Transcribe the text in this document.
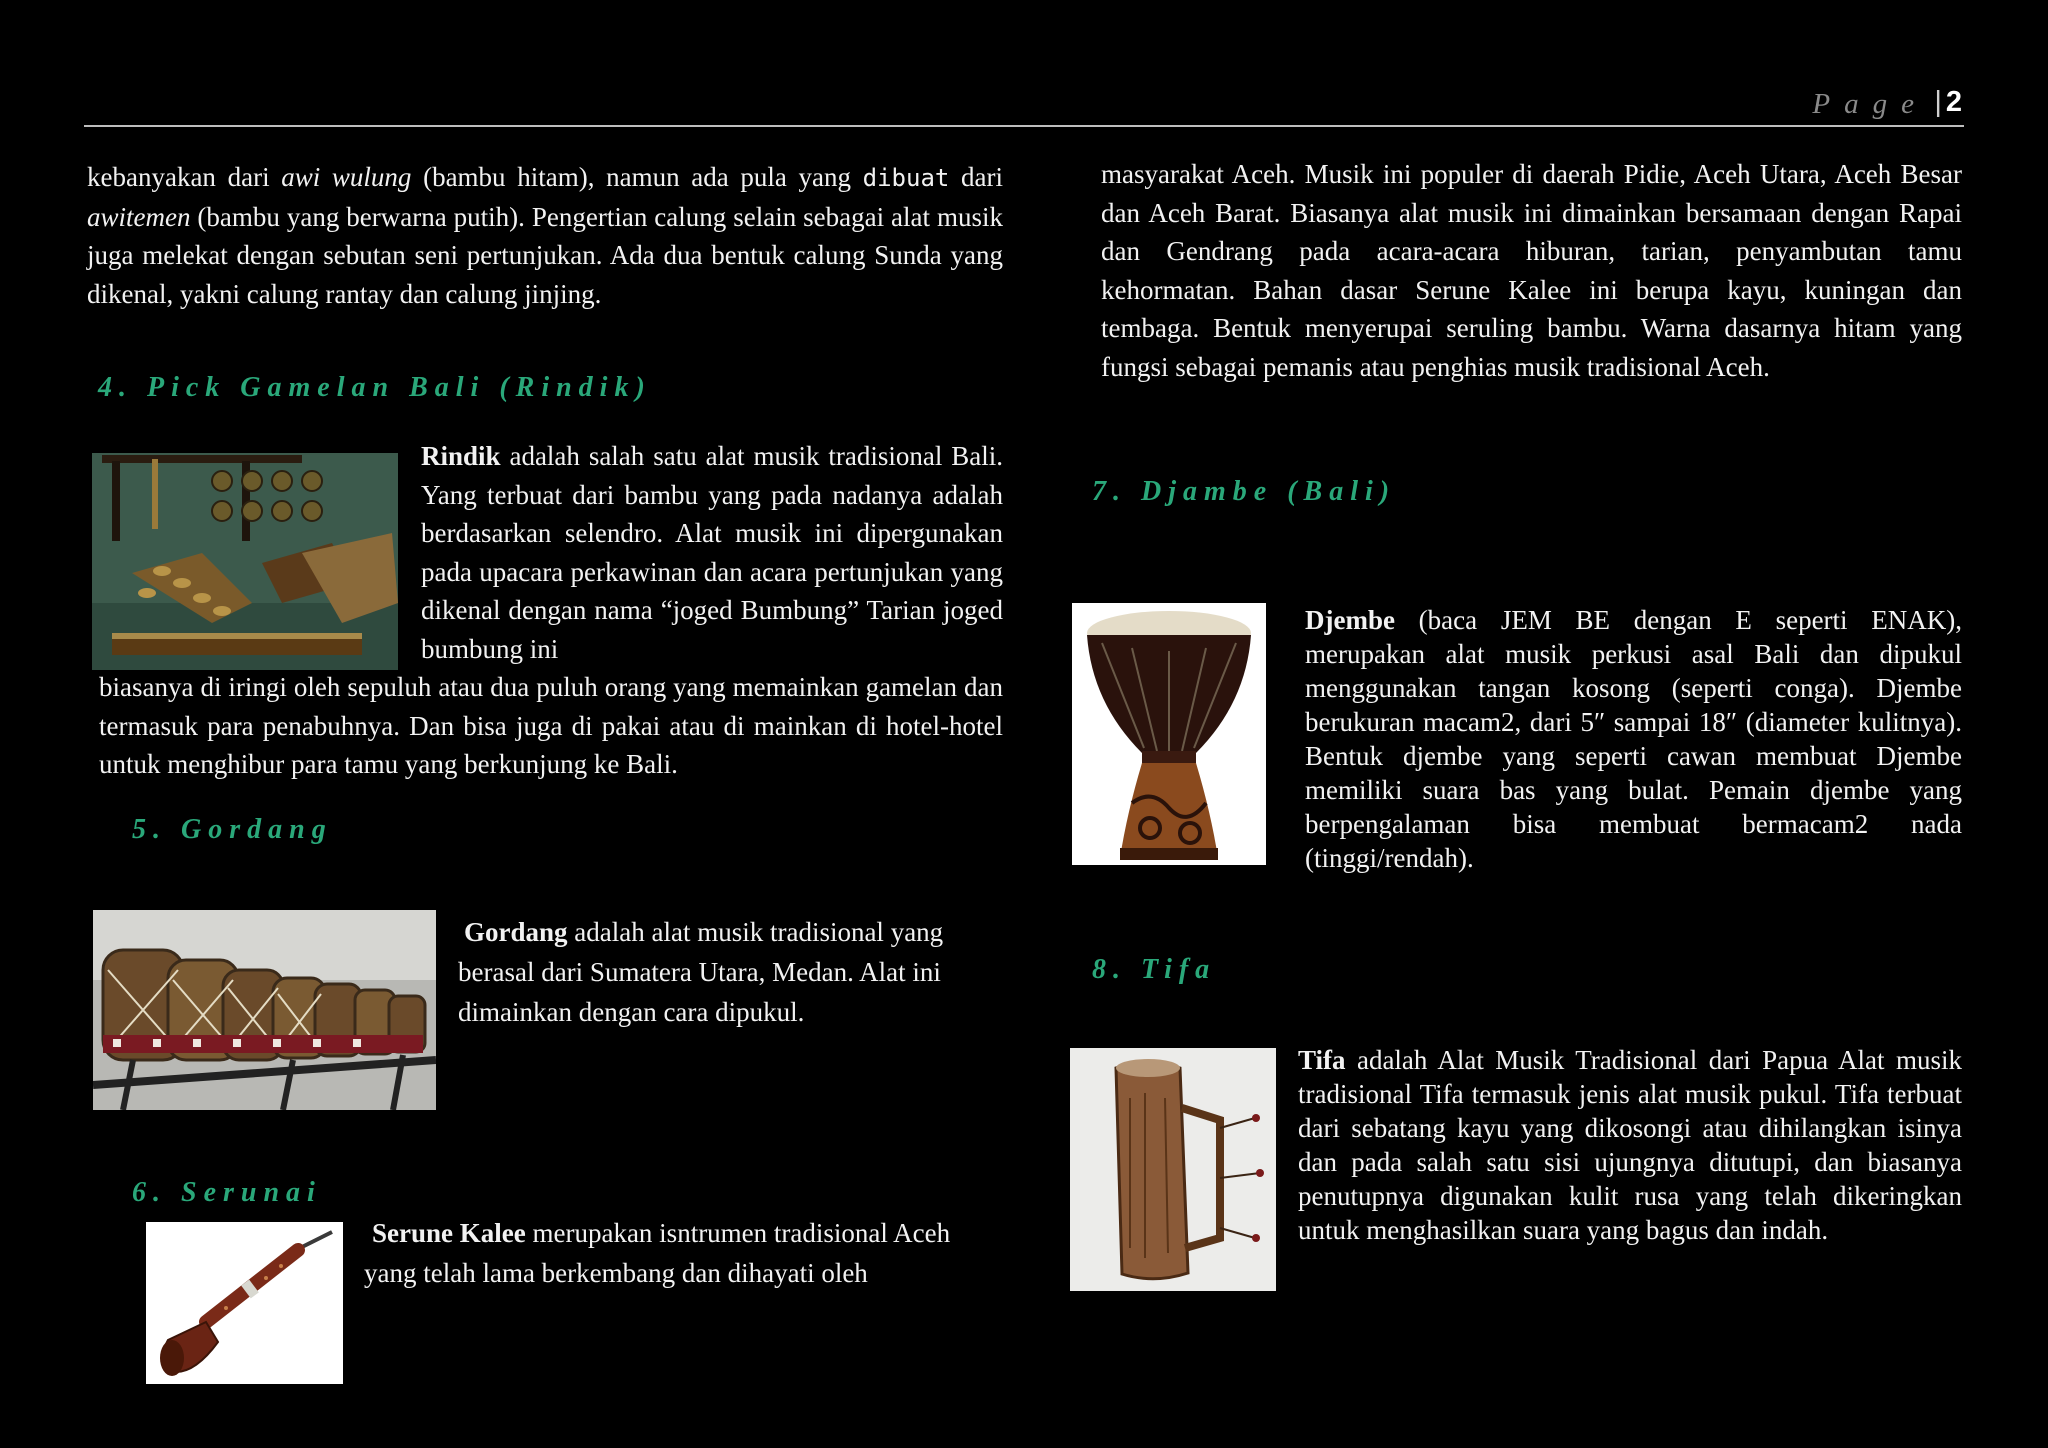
Page
| 2

kebanyakan dari awi wulung (bambu hitam), namun ada pula yang dibuat dari awitemen (bambu yang berwarna putih). Pengertian calung selain sebagai alat musik juga melekat dengan sebutan seni pertunjukan. Ada dua bentuk calung Sunda yang dikenal, yakni calung rantay dan calung jinjing.

4. Pick Gamelan Bali (Rindik)

Rindik adalah salah satu alat musik tradisional Bali. Yang terbuat dari bambu yang pada nadanya adalah berdasarkan selendro. Alat musik ini dipergunakan pada upacara perkawinan dan acara pertunjukan yang dikenal dengan nama “joged Bumbung” Tarian joged bumbung ini

biasanya di iringi oleh sepuluh atau dua puluh orang yang memainkan gamelan dan termasuk para penabuhnya. Dan bisa juga di pakai atau di mainkan di hotel-hotel untuk menghibur para tamu yang berkunjung ke Bali.

5. Gordang

Gordang adalah alat musik tradisional yang berasal dari Sumatera Utara, Medan. Alat ini dimainkan dengan cara dipukul.

6. Serunai

Serune Kalee merupakan isntrumen tradisional Aceh yang telah lama berkembang dan dihayati oleh

masyarakat Aceh. Musik ini populer di daerah Pidie, Aceh Utara, Aceh Besar dan Aceh Barat. Biasanya alat musik ini dimainkan bersamaan dengan Rapai dan Gendrang pada acara-acara hiburan, tarian, penyambutan tamu kehormatan. Bahan dasar Serune Kalee ini berupa kayu, kuningan dan tembaga. Bentuk menyerupai seruling bambu. Warna dasarnya hitam yang fungsi sebagai pemanis atau penghias musik tradisional Aceh.

7. Djambe (Bali)

Djembe (baca JEM BE dengan E seperti ENAK), merupakan alat musik perkusi asal Bali dan dipukul menggunakan tangan kosong (seperti conga). Djembe berukuran macam2, dari 5″ sampai 18″ (diameter kulitnya). Bentuk djembe yang seperti cawan membuat Djembe memiliki suara bas yang bulat. Pemain djembe yang berpengalaman bisa membuat bermacam2 nada (tinggi/rendah).

8. Tifa

Tifa adalah Alat Musik Tradisional dari Papua Alat musik tradisional Tifa termasuk jenis alat musik pukul. Tifa terbuat dari sebatang kayu yang dikosongi atau dihilangkan isinya dan pada salah satu sisi ujungnya ditutupi, dan biasanya penutupnya digunakan kulit rusa yang telah dikeringkan untuk menghasilkan suara yang bagus dan indah.
